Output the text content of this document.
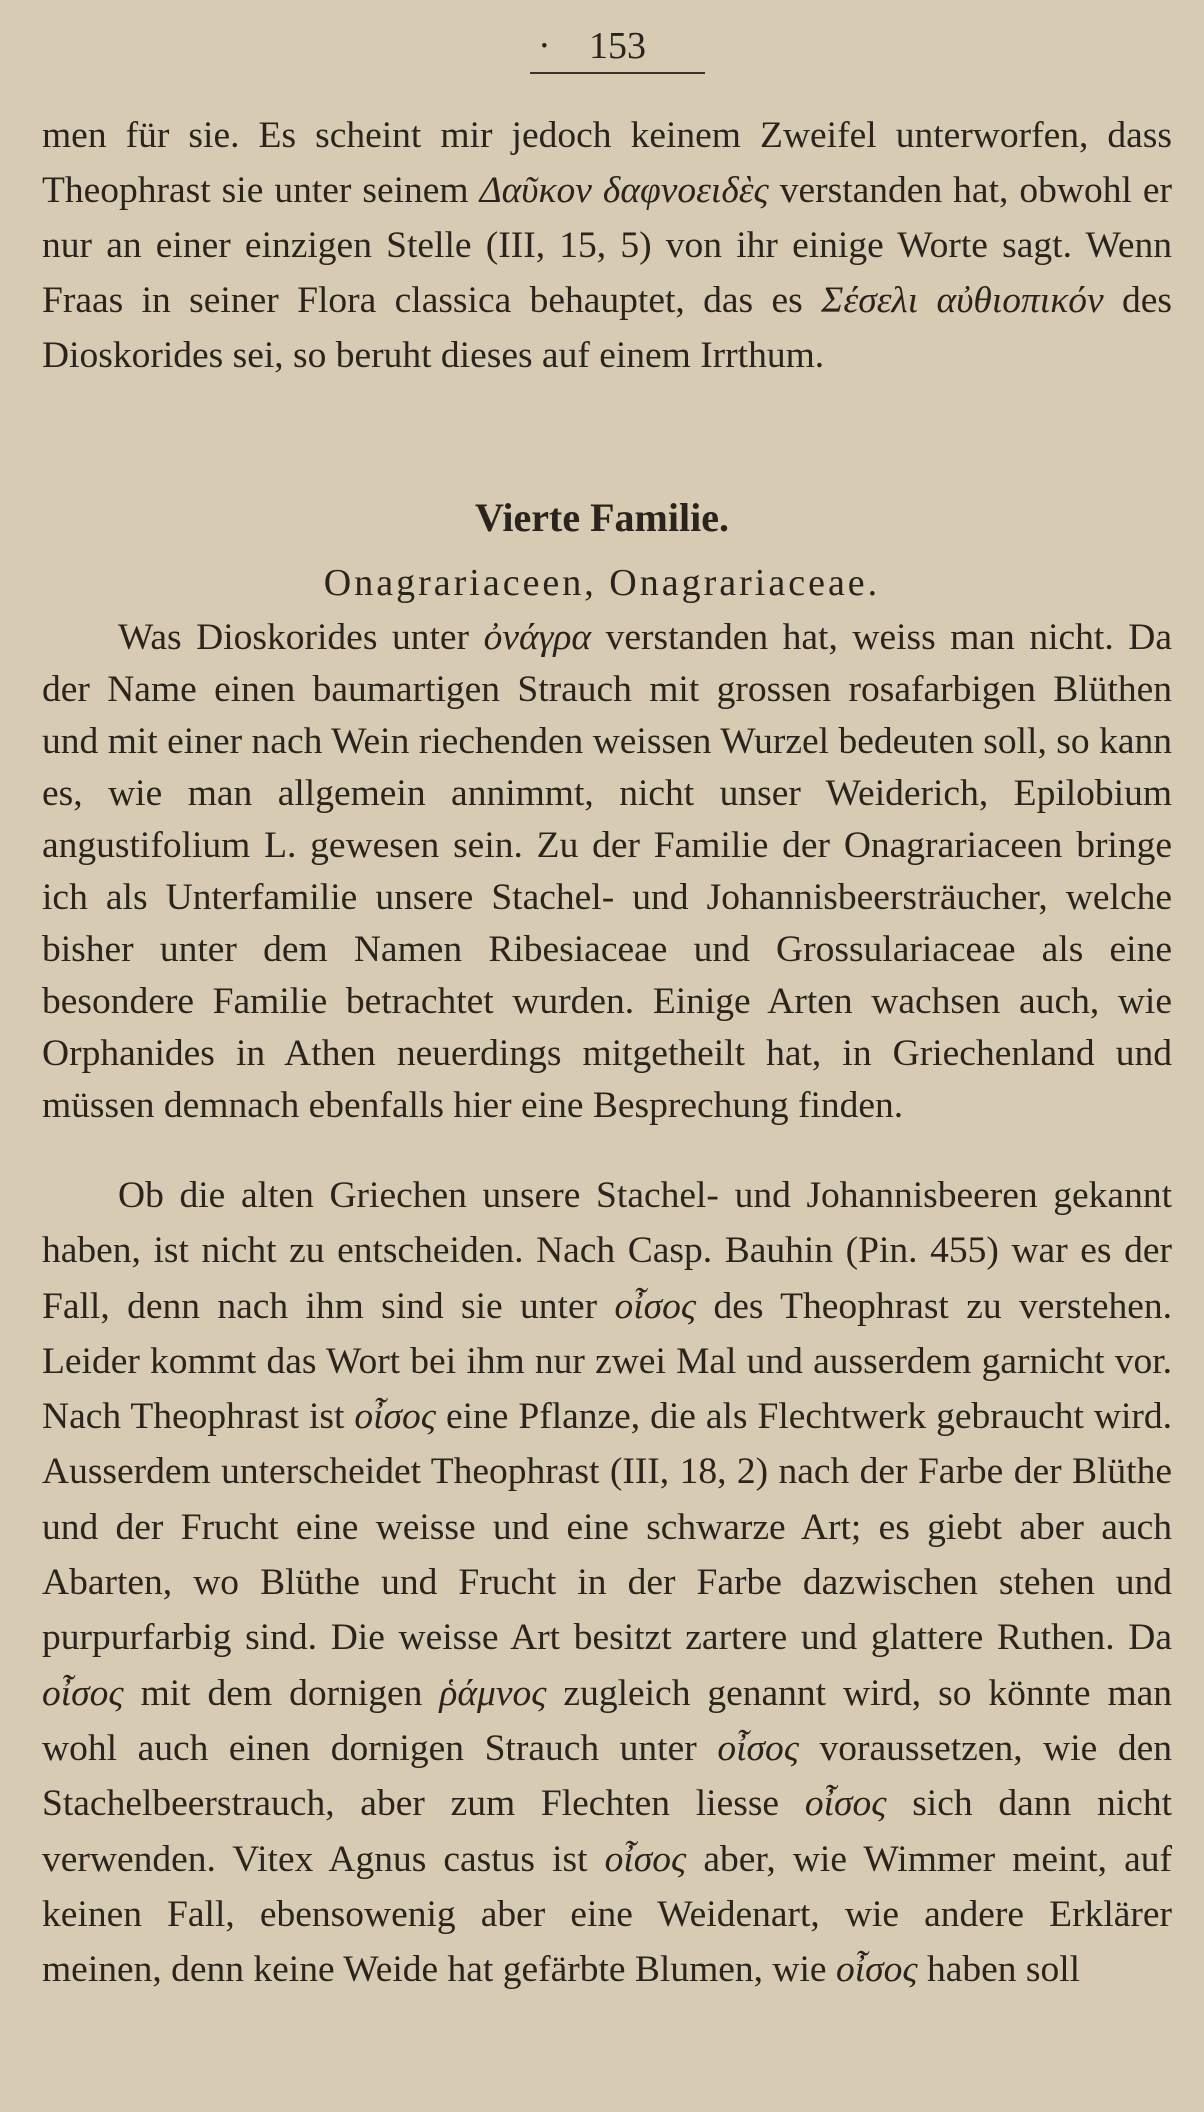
· 153

men für sie. Es scheint mir jedoch keinem Zweifel unterworfen, dass Theophrast sie unter seinem Δαῦκον δαφνοειδὲς verstanden hat, obwohl er nur an einer einzigen Stelle (III, 15, 5) von ihr einige Worte sagt. Wenn Fraas in seiner Flora classica behauptet, das es Σέσελι αὐθιοπικόν des Dioskorides sei, so beruht dieses auf einem Irrthum.

Vierte Familie.
Onagrariaceen, Onagrariaceae.

Was Dioskorides unter ὀνάγρα verstanden hat, weiss man nicht. Da der Name einen baumartigen Strauch mit grossen rosafarbigen Blüthen und mit einer nach Wein riechenden weissen Wurzel bedeuten soll, so kann es, wie man allgemein annimmt, nicht unser Weiderich, Epilobium angustifolium L. gewesen sein. Zu der Familie der Onagrariaceen bringe ich als Unterfamilie unsere Stachel- und Johannisbeersträucher, welche bisher unter dem Namen Ribesiaceae und Grossulariaceae als eine besondere Familie betrachtet wurden. Einige Arten wachsen auch, wie Orphanides in Athen neuerdings mitgetheilt hat, in Griechenland und müssen demnach ebenfalls hier eine Besprechung finden.

Ob die alten Griechen unsere Stachel- und Johannisbeeren gekannt haben, ist nicht zu entscheiden. Nach Casp. Bauhin (Pin. 455) war es der Fall, denn nach ihm sind sie unter οἶσος des Theophrast zu verstehen. Leider kommt das Wort bei ihm nur zwei Mal und ausserdem garnicht vor. Nach Theophrast ist οἶσος eine Pflanze, die als Flechtwerk gebraucht wird. Ausserdem unterscheidet Theophrast (III, 18, 2) nach der Farbe der Blüthe und der Frucht eine weisse und eine schwarze Art; es giebt aber auch Abarten, wo Blüthe und Frucht in der Farbe dazwischen stehen und purpurfarbig sind. Die weisse Art besitzt zartere und glattere Ruthen. Da οἶσος mit dem dornigen ῥάμνος zugleich genannt wird, so könnte man wohl auch einen dornigen Strauch unter οἶσος voraussetzen, wie den Stachelbeerstrauch, aber zum Flechten liesse οἶσος sich dann nicht verwenden. Vitex Agnus castus ist οἶσος aber, wie Wimmer meint, auf keinen Fall, ebensowenig aber eine Weidenart, wie andere Erklärer meinen, denn keine Weide hat gefärbte Blumen, wie οἶσος haben soll
